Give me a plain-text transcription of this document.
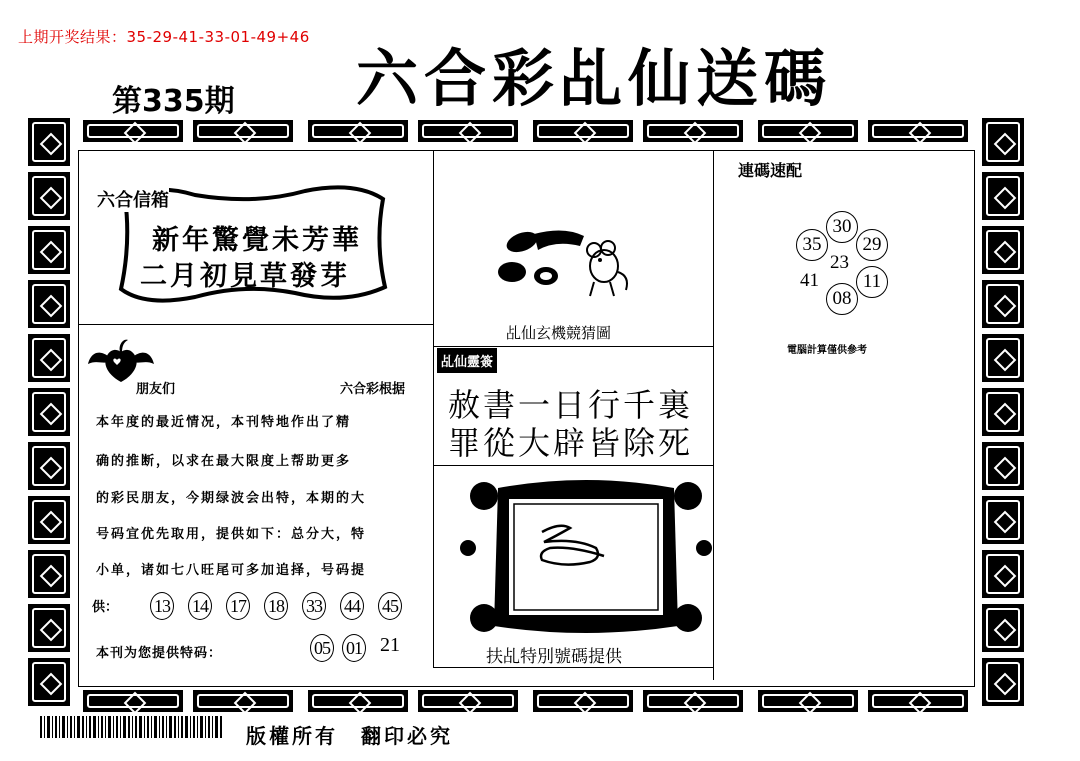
上期开奖结果：35-29-41-33-01-49+46
第335期 六合彩乩仙送碼
六合信箱
新年驚覺未芳華
二月初見草發芽
朋友们	六合彩根据
本年度的最近情况，本刊特地作出了精
确的推断，以求在最大限度上帮助更多
的彩民朋友，今期绿波会出特，本期的大
号码宜优先取用，提供如下：总分大，特
小单，诸如七八旺尾可多加追择，号码提
供： 13 14 17 18 33 44 45
本刊为您提供特码：	05 01 21
乩仙玄機競猜圖
乩仙靈簽
赦書一日行千裏
罪從大辟皆除死
扶乩特別號碼提供
連碼速配
30
35	29
23
41	11
08
電腦計算僅供參考
版權所有　翻印必究
